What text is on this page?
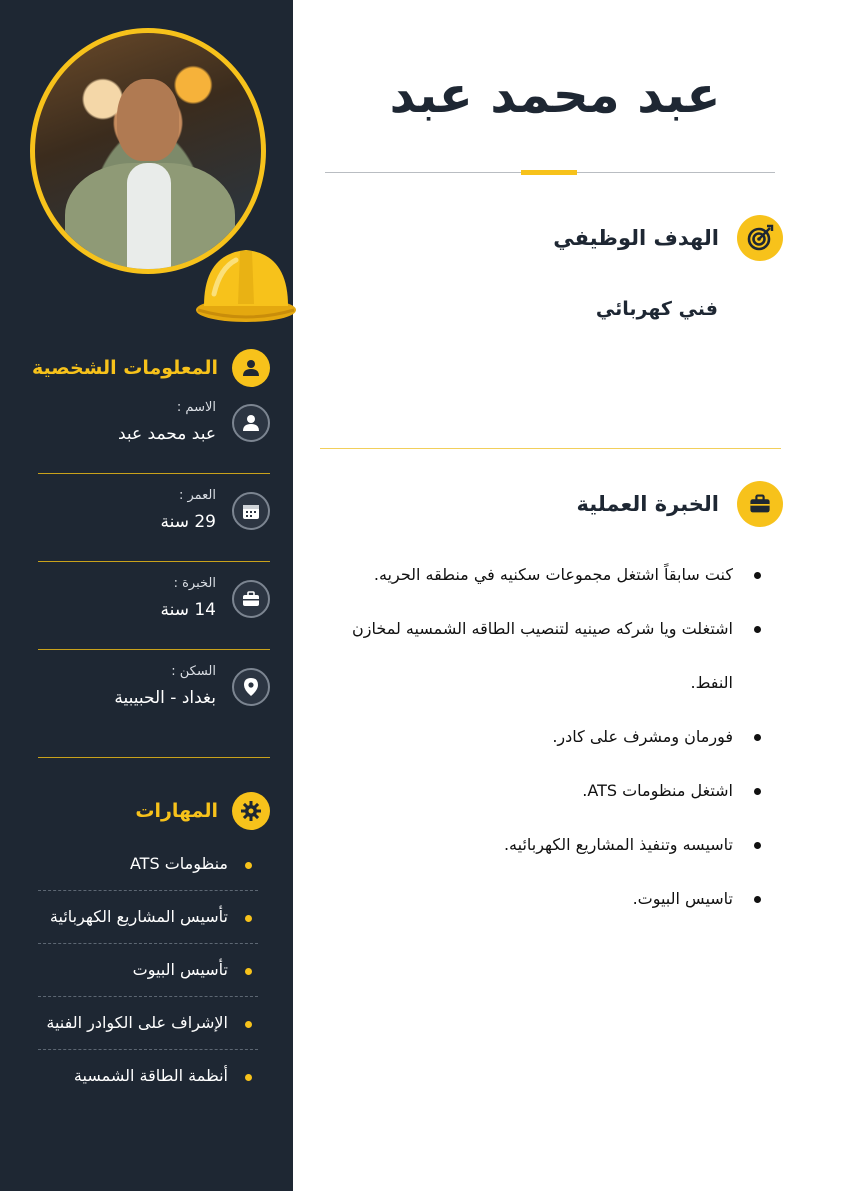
المعلومات الشخصية
الاسم :
عبد محمد عبد
العمر :
29 سنة
الخبرة :
14 سنة
السكن :
بغداد - الحبيبية
المهارات
منظومات ATS
تأسيس المشاريع الكهربائية
تأسيس البيوت
الإشراف على الكوادر الفنية
أنظمة الطاقة الشمسية
عبد محمد عبد
الهدف الوظيفي
فني كهربائي
الخبرة العملية
كنت سابقاً اشتغل مجموعات سكنيه في منطقه الحريه.
اشتغلت ويا شركه صينيه لتنصيب الطاقه الشمسيه لمخازن النفط.
فورمان ومشرف على كادر.
اشتغل منظومات ATS.
تاسيسه وتنفيذ المشاريع الكهربائيه.
تاسيس البيوت.
